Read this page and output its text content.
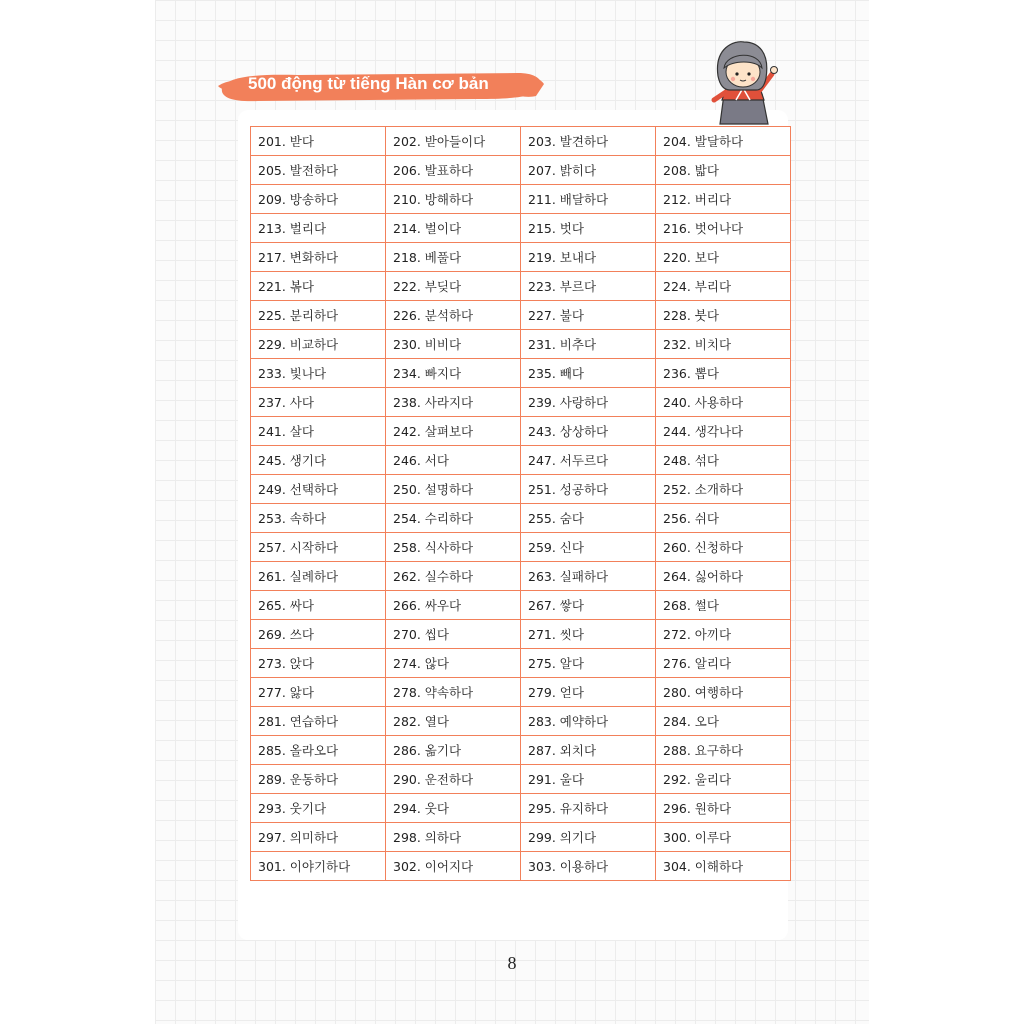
500 động từ tiếng Hàn cơ bản
201. 받다	202. 받아들이다	203. 발견하다	204. 발달하다
205. 발전하다	206. 발표하다	207. 밝히다	208. 밟다
209. 방송하다	210. 방해하다	211. 배달하다	212. 버리다
213. 벌리다	214. 벌이다	215. 벗다	216. 벗어나다
217. 변화하다	218. 베풀다	219. 보내다	220. 보다
221. 볶다	222. 부딪다	223. 부르다	224. 부리다
225. 분리하다	226. 분석하다	227. 불다	228. 붓다
229. 비교하다	230. 비비다	231. 비추다	232. 비치다
233. 빛나다	234. 빠지다	235. 빼다	236. 뽑다
237. 사다	238. 사라지다	239. 사랑하다	240. 사용하다
241. 살다	242. 살펴보다	243. 상상하다	244. 생각나다
245. 생기다	246. 서다	247. 서두르다	248. 섞다
249. 선택하다	250. 설명하다	251. 성공하다	252. 소개하다
253. 속하다	254. 수리하다	255. 숨다	256. 쉬다
257. 시작하다	258. 식사하다	259. 신다	260. 신청하다
261. 실례하다	262. 실수하다	263. 실패하다	264. 싫어하다
265. 싸다	266. 싸우다	267. 쌓다	268. 썰다
269. 쓰다	270. 씹다	271. 씻다	272. 아끼다
273. 앉다	274. 않다	275. 알다	276. 알리다
277. 앓다	278. 약속하다	279. 얻다	280. 여행하다
281. 연습하다	282. 열다	283. 예약하다	284. 오다
285. 올라오다	286. 옮기다	287. 외치다	288. 요구하다
289. 운동하다	290. 운전하다	291. 울다	292. 울리다
293. 웃기다	294. 웃다	295. 유지하다	296. 원하다
297. 의미하다	298. 의하다	299. 의기다	300. 이루다
301. 이야기하다	302. 이어지다	303. 이용하다	304. 이해하다
8
